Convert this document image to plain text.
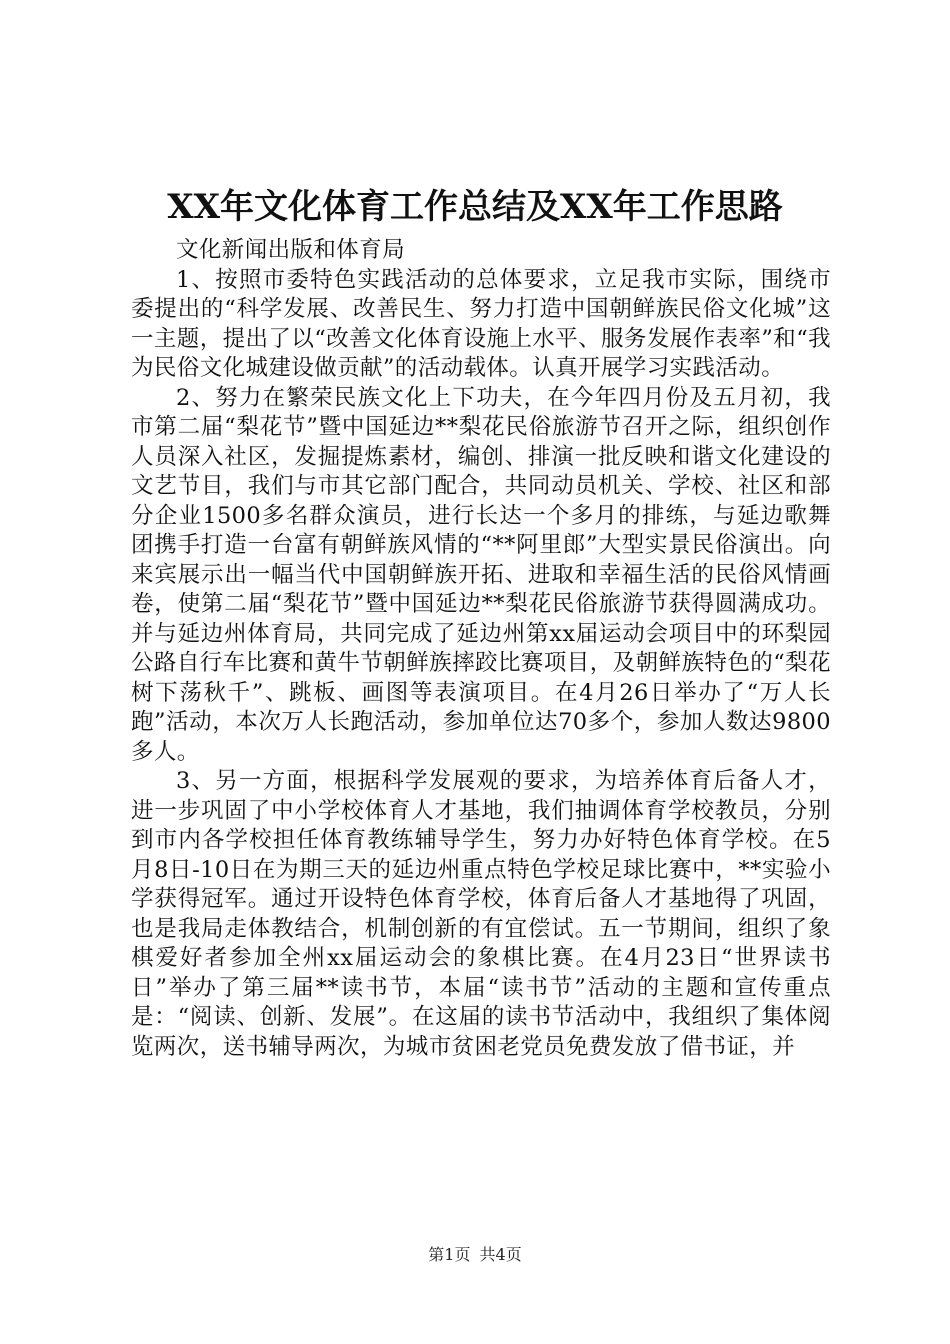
XX年文化体育工作总结及XX年工作思路

文化新闻出版和体育局

1、按照市委特色实践活动的总体要求，立足我市实际，围绕市委提出的“科学发展、改善民生、努力打造中国朝鲜族民俗文化城”这一主题，提出了以“改善文化体育设施上水平、服务发展作表率”和“我为民俗文化城建设做贡献”的活动载体。认真开展学习实践活动。

2、努力在繁荣民族文化上下功夫，在今年四月份及五月初，我市第二届“梨花节”暨中国延边**梨花民俗旅游节召开之际，组织创作人员深入社区，发掘提炼素材，编创、排演一批反映和谐文化建设的文艺节目，我们与市其它部门配合，共同动员机关、学校、社区和部分企业1500多名群众演员，进行长达一个多月的排练，与延边歌舞团携手打造一台富有朝鲜族风情的“**阿里郎”大型实景民俗演出。向来宾展示出一幅当代中国朝鲜族开拓、进取和幸福生活的民俗风情画卷，使第二届“梨花节”暨中国延边**梨花民俗旅游节获得圆满成功。并与延边州体育局，共同完成了延边州第xx届运动会项目中的环梨园公路自行车比赛和黄牛节朝鲜族摔跤比赛项目，及朝鲜族特色的“梨花树下荡秋千”、跳板、画图等表演项目。在4月26日举办了“万人长跑”活动，本次万人长跑活动，参加单位达70多个，参加人数达9800多人。

3、另一方面，根据科学发展观的要求，为培养体育后备人才，进一步巩固了中小学校体育人才基地，我们抽调体育学校教员，分别到市内各学校担任体育教练辅导学生，努力办好特色体育学校。在5月8日-10日在为期三天的延边州重点特色学校足球比赛中，**实验小学获得冠军。通过开设特色体育学校，体育后备人才基地得了巩固，也是我局走体教结合，机制创新的有宜偿试。五一节期间，组织了象棋爱好者参加全州xx届运动会的象棋比赛。在4月23日“世界读书日”举办了第三届**读书节，本届“读书节”活动的主题和宣传重点是：“阅读、创新、发展”。在这届的读书节活动中，我组织了集体阅览两次，送书辅导两次，为城市贫困老党员免费发放了借书证，并

第1页 共4页
